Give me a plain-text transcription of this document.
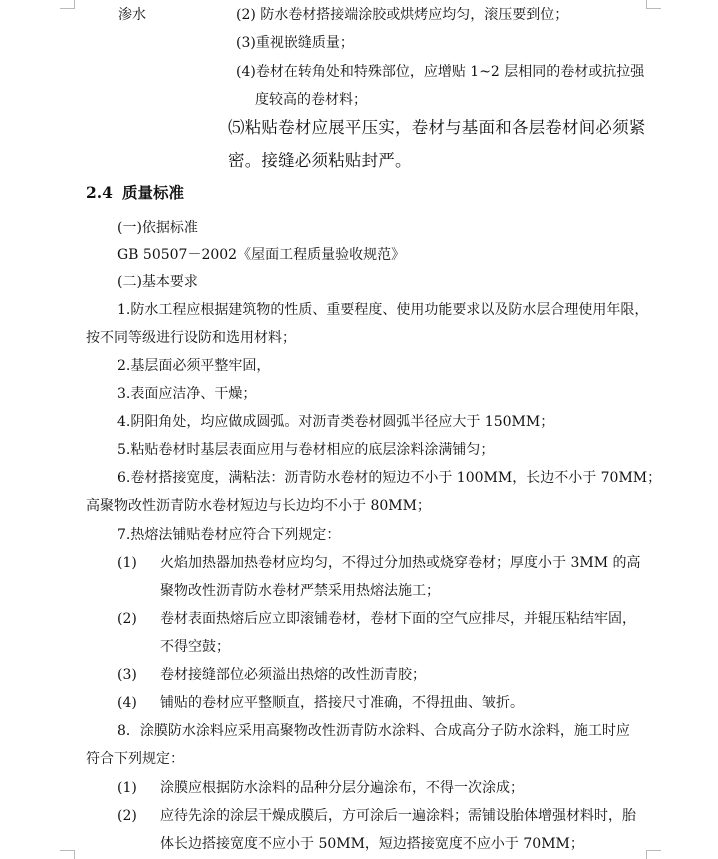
渗水	(2) 防水卷材搭接端涂胶或烘烤应均匀，滚压要到位；
(3)重视嵌缝质量；
(4)卷材在转角处和特殊部位，应增贴 1~2 层相同的卷材或抗拉强
度较高的卷材料；
⑸粘贴卷材应展平压实，卷材与基面和各层卷材间必须紧
密。接缝必须粘贴封严。
2.4 质量标准
(一)依据标准
GB 50507－2002《屋面工程质量验收规范》
(二)基本要求
1.防水工程应根据建筑物的性质、重要程度、使用功能要求以及防水层合理使用年限，
按不同等级进行设防和选用材料；
2.基层面必须平整牢固，
3.表面应洁净、干燥；
4.阴阳角处，均应做成圆弧。对沥青类卷材圆弧半径应大于 150MM；
5.粘贴卷材时基层表面应用与卷材相应的底层涂料涂满铺匀；
6.卷材搭接宽度，满粘法：沥青防水卷材的短边不小于 100MM，长边不小于 70MM；
高聚物改性沥青防水卷材短边与长边均不小于 80MM；
7.热熔法铺贴卷材应符合下列规定：
(1) 火焰加热器加热卷材应均匀，不得过分加热或烧穿卷材；厚度小于 3MM 的高
聚物改性沥青防水卷材严禁采用热熔法施工；
(2) 卷材表面热熔后应立即滚铺卷材，卷材下面的空气应排尽，并辊压粘结牢固，
不得空鼓；
(3) 卷材接缝部位必须溢出热熔的改性沥青胶；
(4) 铺贴的卷材应平整顺直，搭接尺寸准确，不得扭曲、皱折。
8．涂膜防水涂料应采用高聚物改性沥青防水涂料、合成高分子防水涂料，施工时应
符合下列规定：
(1) 涂膜应根据防水涂料的品种分层分遍涂布，不得一次涂成；
(2) 应待先涂的涂层干燥成膜后，方可涂后一遍涂料；需铺设胎体增强材料时，胎
体长边搭接宽度不应小于 50MM，短边搭接宽度不应小于 70MM；
